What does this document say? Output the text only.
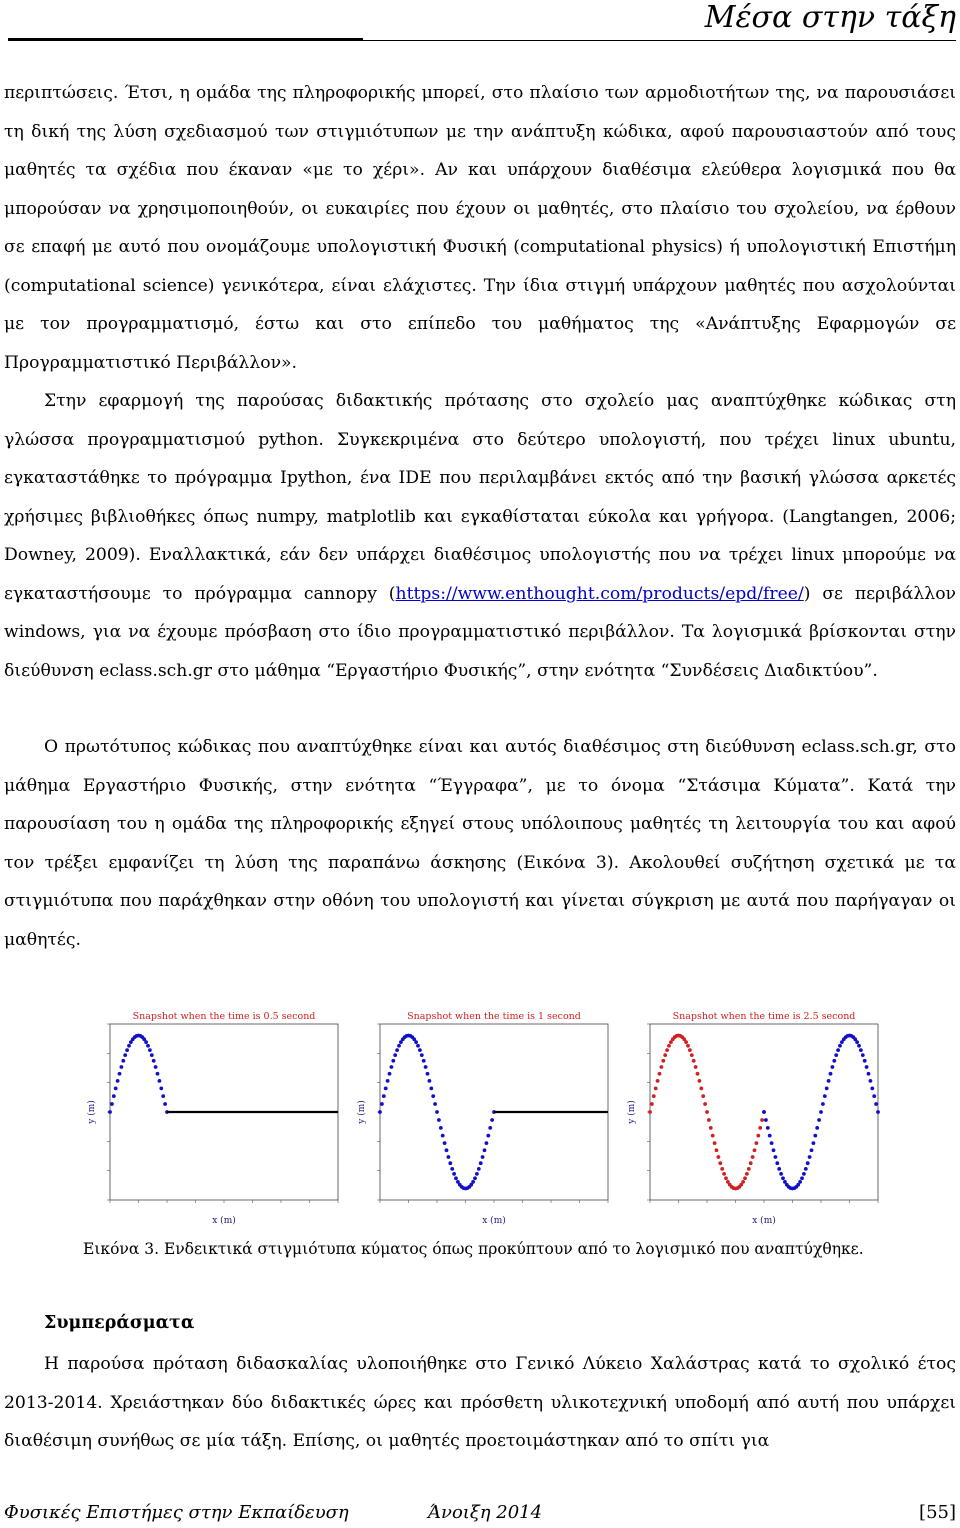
Μέσα στην τάξη

περιπτώσεις. Έτσι, η ομάδα της πληροφορικής μπορεί, στο πλαίσιο των αρμοδιοτήτων της, να παρουσιάσει τη δική της λύση σχεδιασμού των στιγμιότυπων με την ανάπτυξη κώδικα, αφού παρουσιαστούν από τους μαθητές τα σχέδια που έκαναν «με το χέρι». Αν και υπάρχουν διαθέσιμα ελεύθερα λογισμικά που θα μπορούσαν να χρησιμοποιηθούν, οι ευκαιρίες που έχουν οι μαθητές, στο πλαίσιο του σχολείου, να έρθουν σε επαφή με αυτό που ονομάζουμε υπολογιστική Φυσική (computational physics) ή υπολογιστική Επιστήμη (computational science) γενικότερα, είναι ελάχιστες. Την ίδια στιγμή υπάρχουν μαθητές που ασχολούνται με τον προγραμματισμό, έστω και στο επίπεδο του μαθήματος της «Ανάπτυξης Εφαρμογών σε Προγραμματιστικό Περιβάλλον».

Στην εφαρμογή της παρούσας διδακτικής πρότασης στο σχολείο μας αναπτύχθηκε κώδικας στη γλώσσα προγραμματισμού python. Συγκεκριμένα στο δεύτερο υπολογιστή, που τρέχει linux ubuntu, εγκαταστάθηκε το πρόγραμμα Ipython, ένα IDE που περιλαμβάνει εκτός από την βασική γλώσσα αρκετές χρήσιμες βιβλιοθήκες όπως numpy, matplotlib και εγκαθίσταται εύκολα και γρήγορα. (Langtangen, 2006; Downey, 2009). Εναλλακτικά, εάν δεν υπάρχει διαθέσιμος υπολογιστής που να τρέχει linux μπορούμε να εγκαταστήσουμε το πρόγραμμα cannopy (https://www.enthought.com/products/epd/free/) σε περιβάλλον windows, για να έχουμε πρόσβαση στο ίδιο προγραμματιστικό περιβάλλον. Τα λογισμικά βρίσκονται στην διεύθυνση eclass.sch.gr στο μάθημα “Εργαστήριο Φυσικής”, στην ενότητα “Συνδέσεις Διαδικτύου”.

Ο πρωτότυπος κώδικας που αναπτύχθηκε είναι και αυτός διαθέσιμος στη διεύθυνση eclass.sch.gr, στο μάθημα Εργαστήριο Φυσικής, στην ενότητα “Έγγραφα”, με το όνομα “Στάσιμα Κύματα”. Κατά την παρουσίαση του η ομάδα της πληροφορικής εξηγεί στους υπόλοιπους μαθητές τη λειτουργία του και αφού τον τρέξει εμφανίζει τη λύση της παραπάνω άσκησης (Εικόνα 3). Ακολουθεί συζήτηση σχετικά με τα στιγμιότυπα που παράχθηκαν στην οθόνη του υπολογιστή και γίνεται σύγκριση με αυτά που παρήγαγαν οι μαθητές.

Snapshot when the time is 0.5 second
x (m)
y (m)
Snapshot when the time is 1 second
x (m)
y (m)
Snapshot when the time is 2.5 second
x (m)
y (m)
Εικόνα 3. Ενδεικτικά στιγμιότυπα κύματος όπως προκύπτουν από το λογισμικό που αναπτύχθηκε.
Συμπεράσματα

Η παρούσα πρόταση διδασκαλίας υλοποιήθηκε στο Γενικό Λύκειο Χαλάστρας κατά το σχολικό έτος 2013-2014. Χρειάστηκαν δύο διδακτικές ώρες και πρόσθετη υλικοτεχνική υποδομή από αυτή που υπάρχει διαθέσιμη συνήθως σε μία τάξη. Επίσης, οι μαθητές προετοιμάστηκαν από το σπίτι για

Φυσικές Επιστήμες στην Εκπαίδευση	Άνοιξη 2014	[55]
